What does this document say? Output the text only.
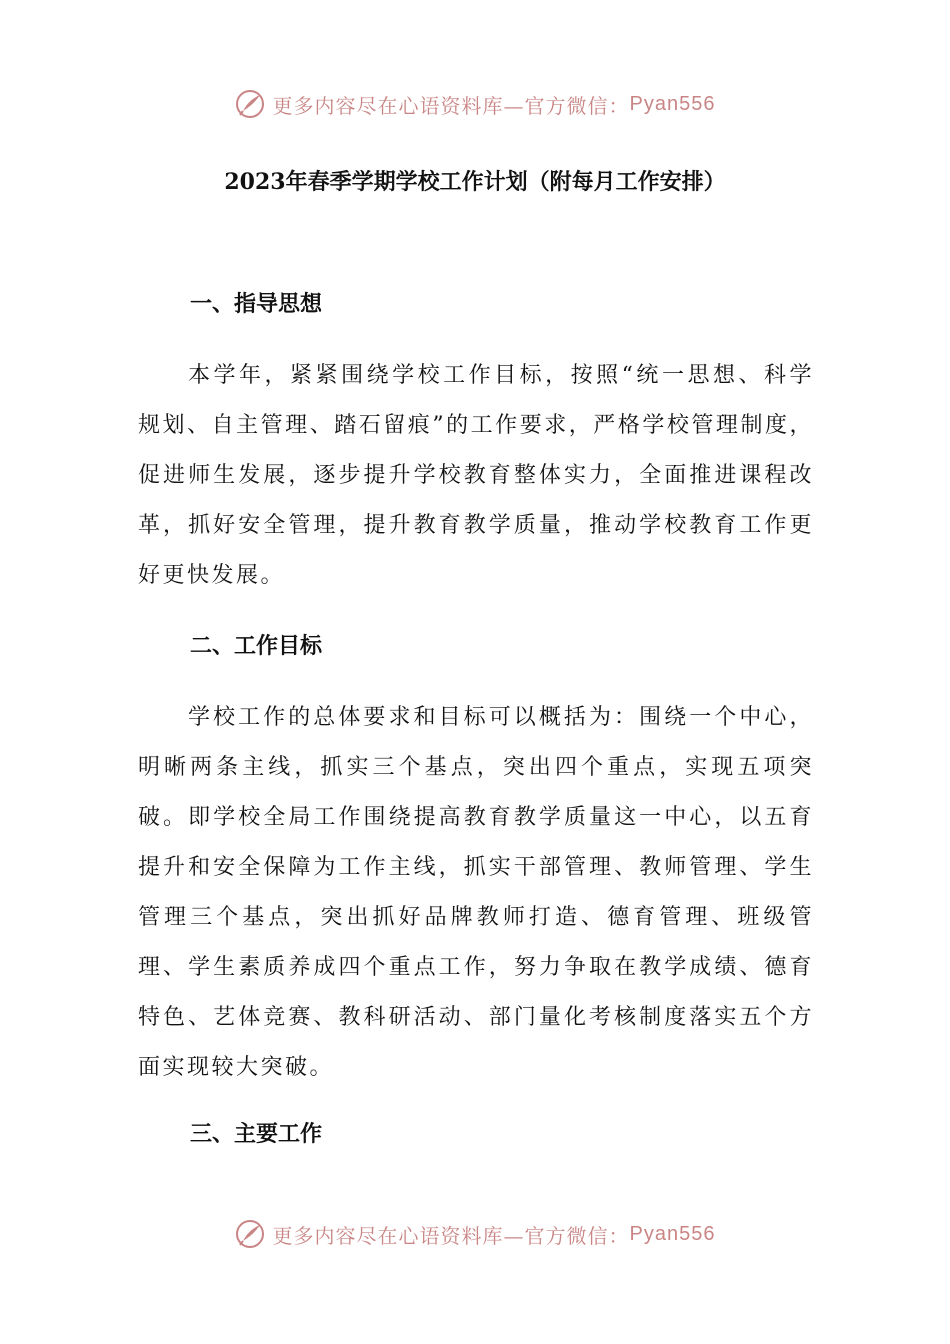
更多内容尽在心语资料库—官方微信： Pyan556
2023年春季学期学校工作计划（附每月工作安排）
一、指导思想

本学年，紧紧围绕学校工作目标，按照“统一思想、科学规划、自主管理、踏石留痕”的工作要求，严格学校管理制度，促进师生发展，逐步提升学校教育整体实力，全面推进课程改革，抓好安全管理，提升教育教学质量，推动学校教育工作更好更快发展。

二、工作目标

学校工作的总体要求和目标可以概括为：围绕一个中心，明晰两条主线，抓实三个基点，突出四个重点，实现五项突破。即学校全局工作围绕提高教育教学质量这一中心，以五育提升和安全保障为工作主线，抓实干部管理、教师管理、学生管理三个基点，突出抓好品牌教师打造、德育管理、班级管理、学生素质养成四个重点工作，努力争取在教学成绩、德育特色、艺体竞赛、教科研活动、部门量化考核制度落实五个方面实现较大突破。

三、主要工作
更多内容尽在心语资料库—官方微信： Pyan556
